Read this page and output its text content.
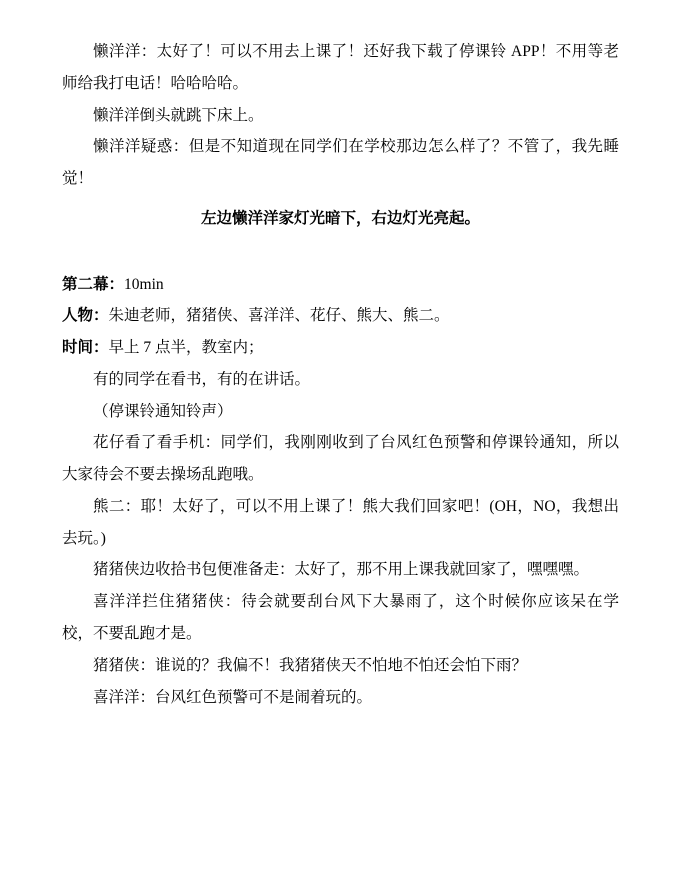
懒洋洋：太好了！可以不用去上课了！还好我下载了停课铃 APP！不用等老师给我打电话！哈哈哈哈。

懒洋洋倒头就跳下床上。

懒洋洋疑惑：但是不知道现在同学们在学校那边怎么样了？不管了，我先睡觉！

左边懒洋洋家灯光暗下，右边灯光亮起。

第二幕：10min

人物：朱迪老师，猪猪侠、喜洋洋、花仔、熊大、熊二。

时间：早上 7 点半，教室内；

有的同学在看书，有的在讲话。

（停课铃通知铃声）

花仔看了看手机：同学们，我刚刚收到了台风红色预警和停课铃通知，所以大家待会不要去操场乱跑哦。

熊二：耶！太好了，可以不用上课了！熊大我们回家吧！(OH，NO，我想出去玩。)

猪猪侠边收拾书包便准备走：太好了，那不用上课我就回家了，嘿嘿嘿。

喜洋洋拦住猪猪侠：待会就要刮台风下大暴雨了，这个时候你应该呆在学校，不要乱跑才是。

猪猪侠：谁说的？我偏不！我猪猪侠天不怕地不怕还会怕下雨？

喜洋洋：台风红色预警可不是闹着玩的。
